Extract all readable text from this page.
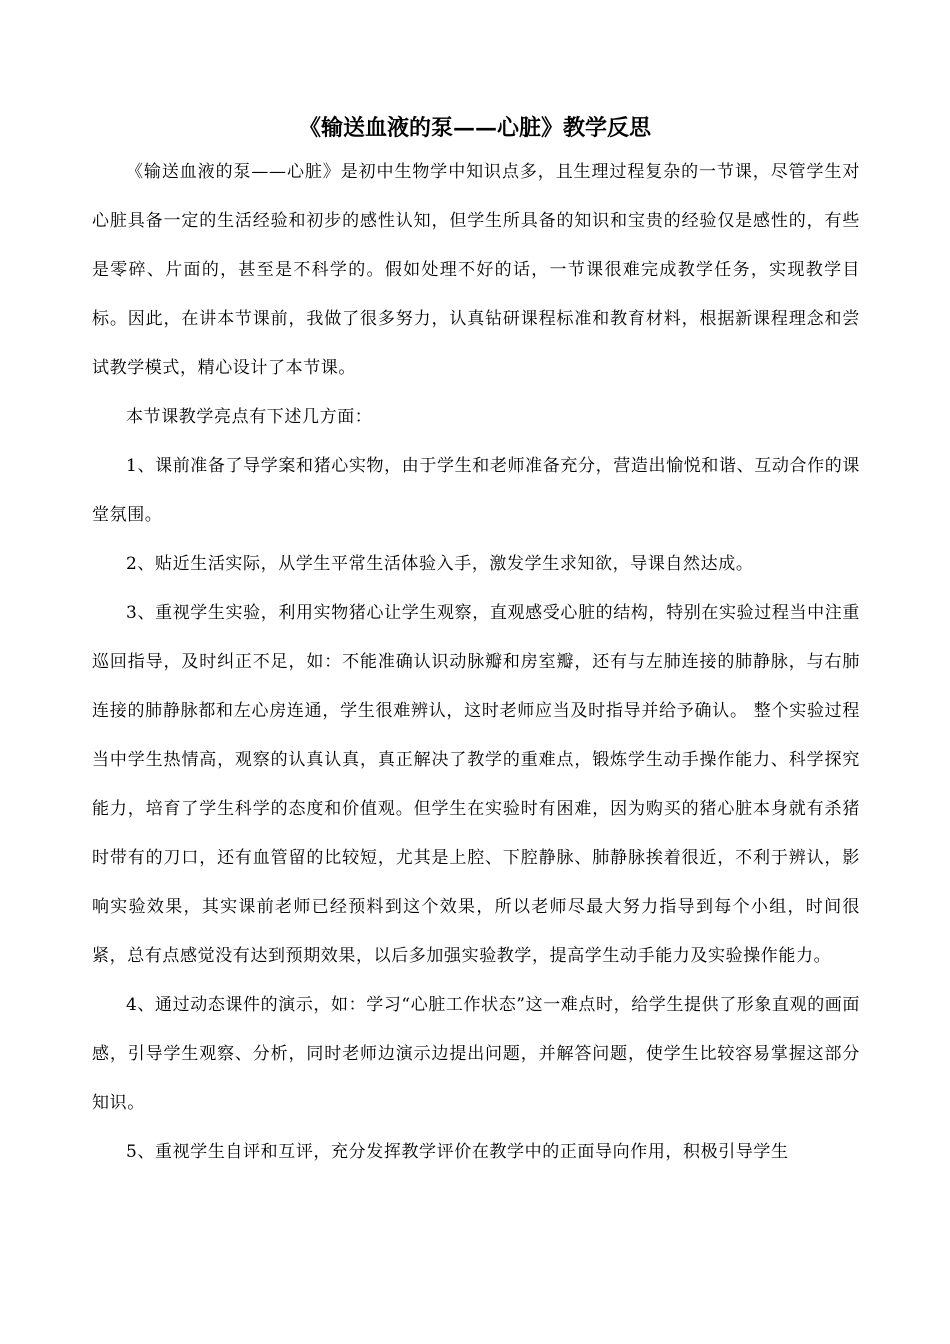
《输送血液的泵——心脏》教学反思

《输送血液的泵——心脏》是初中生物学中知识点多，且生理过程复杂的一节课，尽管学生对心脏具备一定的生活经验和初步的感性认知，但学生所具备的知识和宝贵的经验仅是感性的，有些是零碎、片面的，甚至是不科学的。假如处理不好的话，一节课很难完成教学任务，实现教学目标。因此，在讲本节课前，我做了很多努力，认真钻研课程标准和教育材料，根据新课程理念和尝试教学模式，精心设计了本节课。

本节课教学亮点有下述几方面：

1、课前准备了导学案和猪心实物，由于学生和老师准备充分，营造出愉悦和谐、互动合作的课堂氛围。

2、贴近生活实际，从学生平常生活体验入手，激发学生求知欲，导课自然达成。

3、重视学生实验，利用实物猪心让学生观察，直观感受心脏的结构，特别在实验过程当中注重巡回指导，及时纠正不足，如：不能准确认识动脉瓣和房室瓣，还有与左肺连接的肺静脉，与右肺连接的肺静脉都和左心房连通，学生很难辨认，这时老师应当及时指导并给予确认。 整个实验过程当中学生热情高，观察的认真认真，真正解决了教学的重难点，锻炼学生动手操作能力、科学探究能力，培育了学生科学的态度和价值观。但学生在实验时有困难，因为购买的猪心脏本身就有杀猪时带有的刀口，还有血管留的比较短，尤其是上腔、下腔静脉、肺静脉挨着很近，不利于辨认，影响实验效果，其实课前老师已经预料到这个效果，所以老师尽最大努力指导到每个小组，时间很紧，总有点感觉没有达到预期效果，以后多加强实验教学，提高学生动手能力及实验操作能力。

4、通过动态课件的演示，如：学习“心脏工作状态”这一难点时，给学生提供了形象直观的画面感，引导学生观察、分析，同时老师边演示边提出问题，并解答问题，使学生比较容易掌握这部分知识。

5、重视学生自评和互评，充分发挥教学评价在教学中的正面导向作用，积极引导学生
